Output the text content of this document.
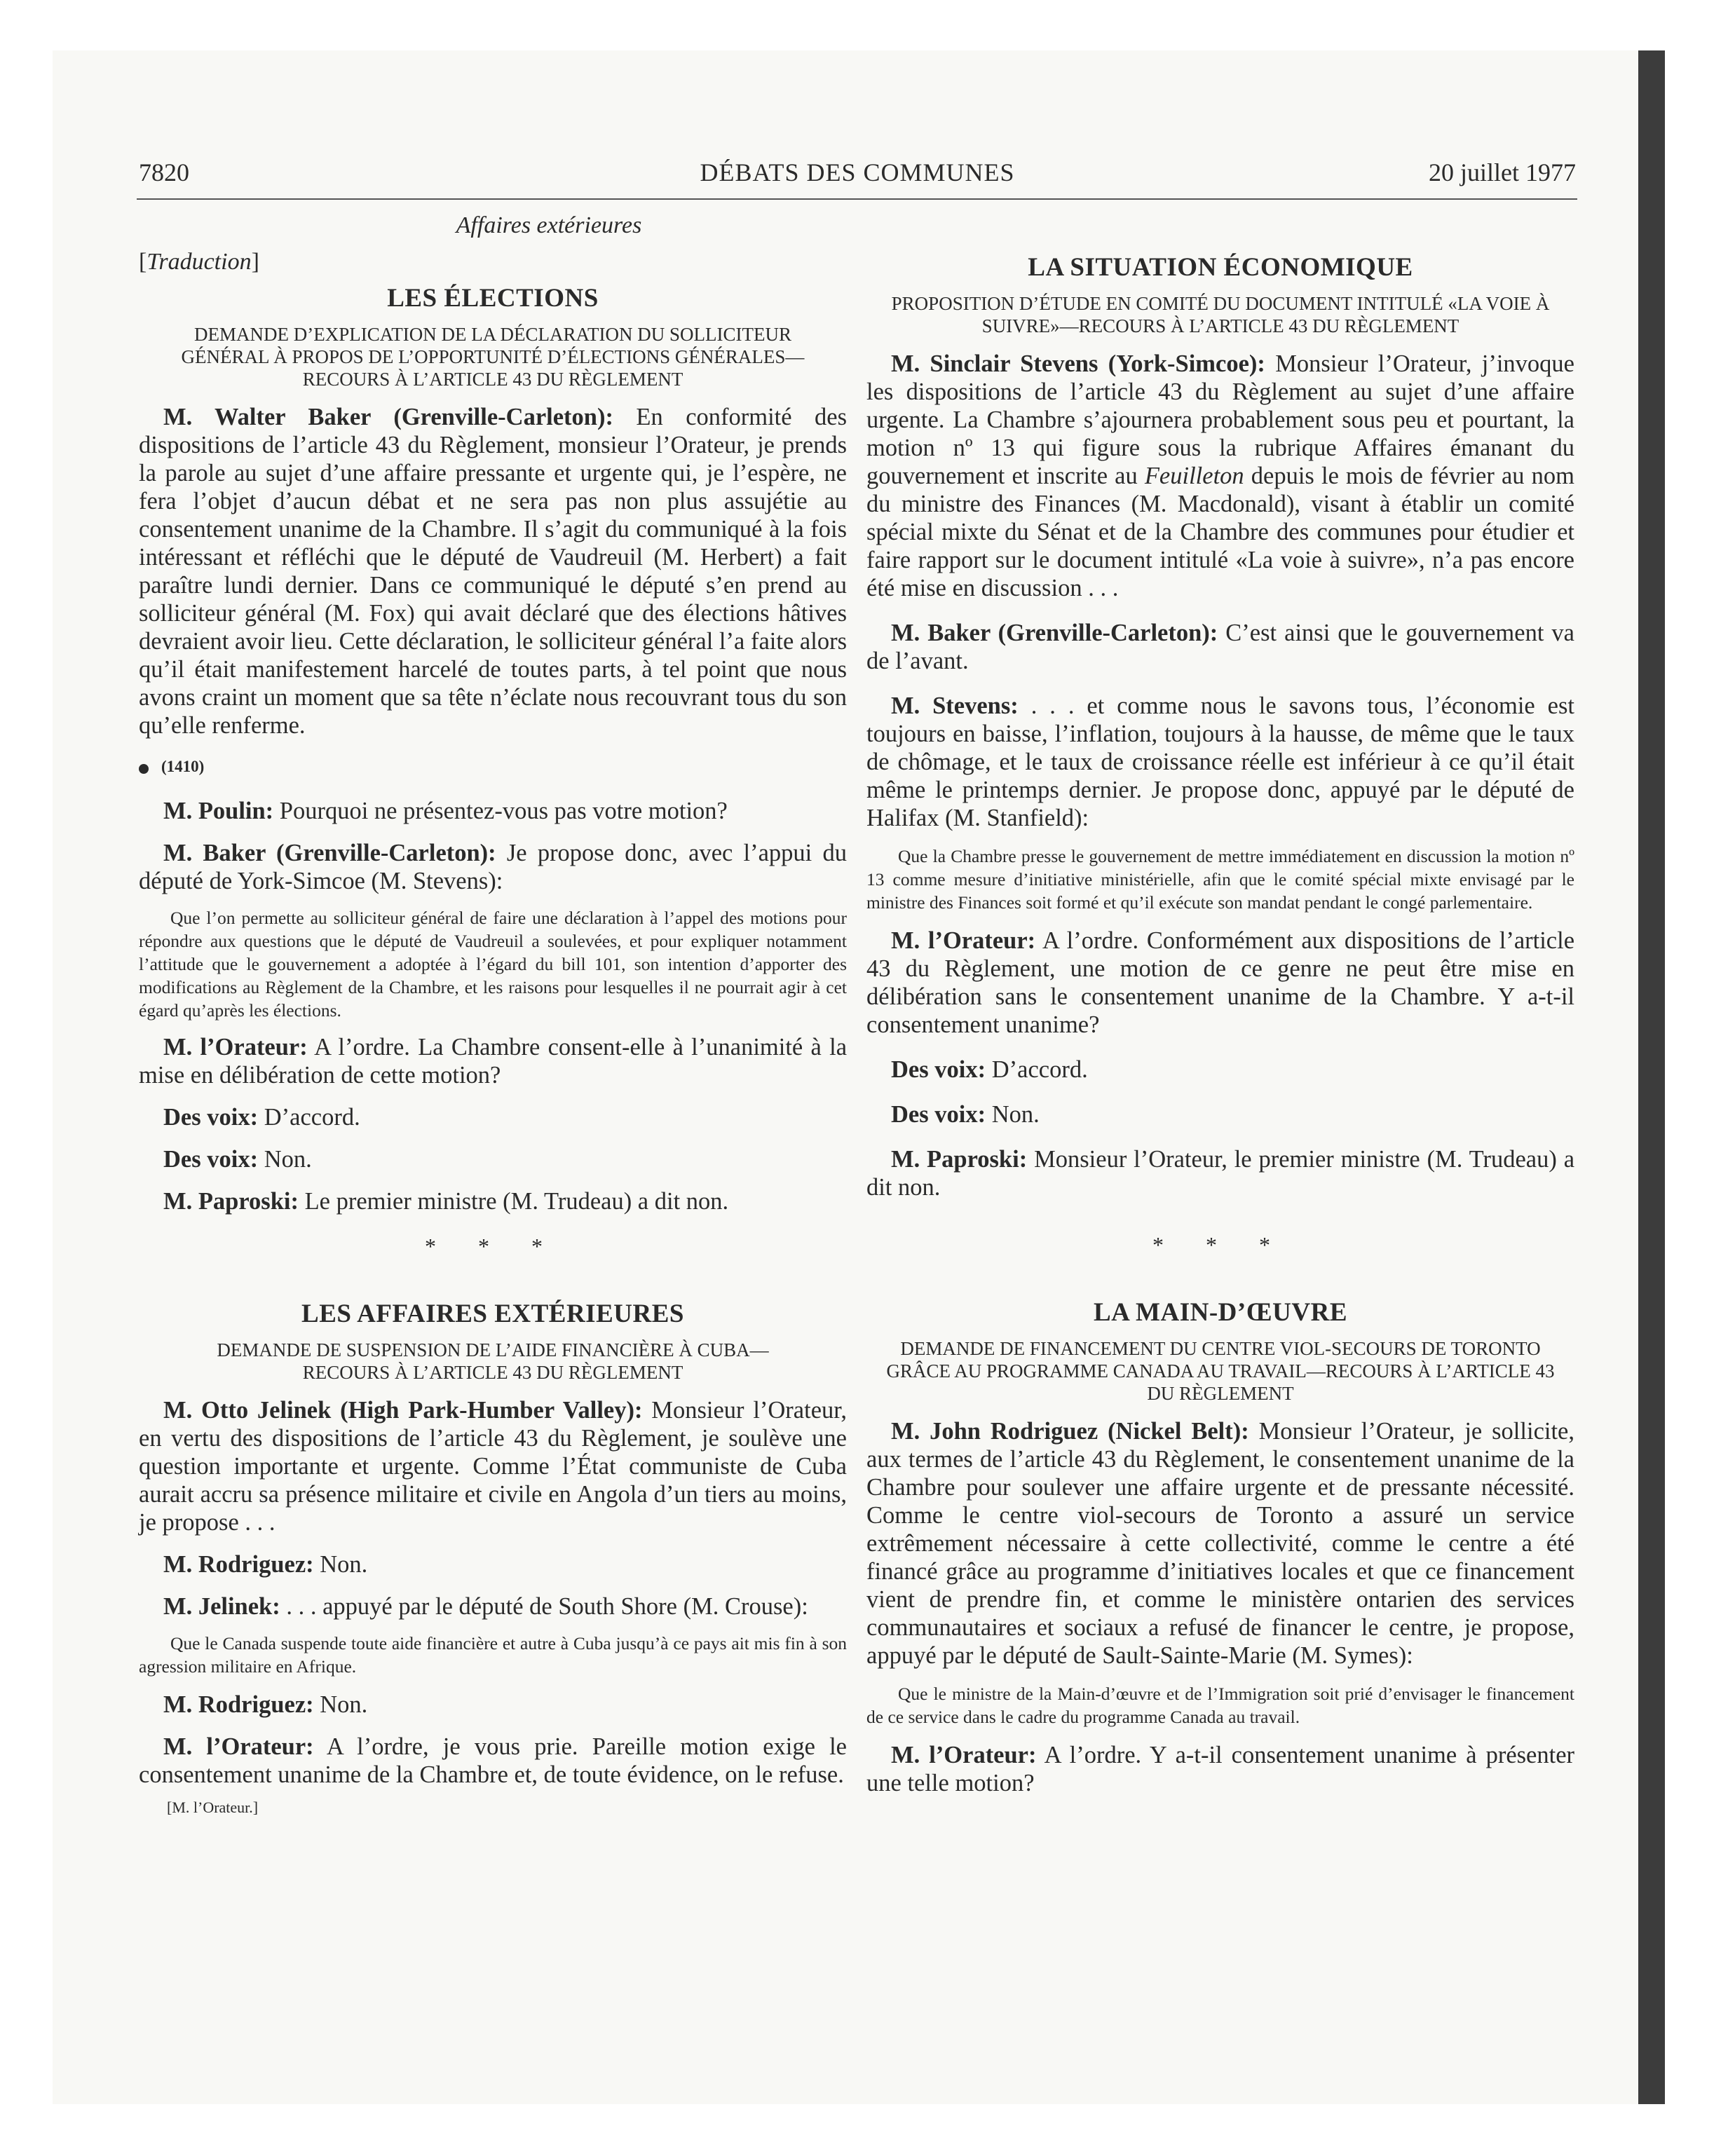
7820	DÉBATS DES COMMUNES	20 juillet 1977

Affaires extérieures

[Traduction]

LES ÉLECTIONS

DEMANDE D’EXPLICATION DE LA DÉCLARATION DU SOLLICITEUR GÉNÉRAL À PROPOS DE L’OPPORTUNITÉ D’ÉLECTIONS GÉNÉRALES—RECOURS À L’ARTICLE 43 DU RÈGLEMENT

M. Walter Baker (Grenville-Carleton): En conformité des dispositions de l’article 43 du Règlement, monsieur l’Orateur, je prends la parole au sujet d’une affaire pressante et urgente qui, je l’espère, ne fera l’objet d’aucun débat et ne sera pas non plus assujétie au consentement unanime de la Chambre. Il s’agit du communiqué à la fois intéressant et réfléchi que le député de Vaudreuil (M. Herbert) a fait paraître lundi dernier. Dans ce communiqué le député s’en prend au solliciteur général (M. Fox) qui avait déclaré que des élections hâtives devraient avoir lieu. Cette déclaration, le solliciteur général l’a faite alors qu’il était manifestement harcelé de toutes parts, à tel point que nous avons craint un moment que sa tête n’éclate nous recouvrant tous du son qu’elle renferme.

(1410)

M. Poulin: Pourquoi ne présentez-vous pas votre motion?

M. Baker (Grenville-Carleton): Je propose donc, avec l’appui du député de York-Simcoe (M. Stevens):

Que l’on permette au solliciteur général de faire une déclaration à l’appel des motions pour répondre aux questions que le député de Vaudreuil a soulevées, et pour expliquer notamment l’attitude que le gouvernement a adoptée à l’égard du bill 101, son intention d’apporter des modifications au Règlement de la Chambre, et les raisons pour lesquelles il ne pourrait agir à cet égard qu’après les élections.

M. l’Orateur: A l’ordre. La Chambre consent-elle à l’unanimité à la mise en délibération de cette motion?

Des voix: D’accord.

Des voix: Non.

M. Paproski: Le premier ministre (M. Trudeau) a dit non.

* * *

LES AFFAIRES EXTÉRIEURES

DEMANDE DE SUSPENSION DE L’AIDE FINANCIÈRE À CUBA—RECOURS À L’ARTICLE 43 DU RÈGLEMENT

M. Otto Jelinek (High Park-Humber Valley): Monsieur l’Orateur, en vertu des dispositions de l’article 43 du Règlement, je soulève une question importante et urgente. Comme l’État communiste de Cuba aurait accru sa présence militaire et civile en Angola d’un tiers au moins, je propose . . .

M. Rodriguez: Non.

M. Jelinek: . . . appuyé par le député de South Shore (M. Crouse):

Que le Canada suspende toute aide financière et autre à Cuba jusqu’à ce pays ait mis fin à son agression militaire en Afrique.

M. Rodriguez: Non.

M. l’Orateur: A l’ordre, je vous prie. Pareille motion exige le consentement unanime de la Chambre et, de toute évidence, on le refuse.

[M. l’Orateur.]

LA SITUATION ÉCONOMIQUE

PROPOSITION D’ÉTUDE EN COMITÉ DU DOCUMENT INTITULÉ «LA VOIE À SUIVRE»—RECOURS À L’ARTICLE 43 DU RÈGLEMENT

M. Sinclair Stevens (York-Simcoe): Monsieur l’Orateur, j’invoque les dispositions de l’article 43 du Règlement au sujet d’une affaire urgente. La Chambre s’ajournera probablement sous peu et pourtant, la motion nº 13 qui figure sous la rubrique Affaires émanant du gouvernement et inscrite au Feuilleton depuis le mois de février au nom du ministre des Finances (M. Macdonald), visant à établir un comité spécial mixte du Sénat et de la Chambre des communes pour étudier et faire rapport sur le document intitulé «La voie à suivre», n’a pas encore été mise en discussion . . .

M. Baker (Grenville-Carleton): C’est ainsi que le gouvernement va de l’avant.

M. Stevens: . . . et comme nous le savons tous, l’économie est toujours en baisse, l’inflation, toujours à la hausse, de même que le taux de chômage, et le taux de croissance réelle est inférieur à ce qu’il était même le printemps dernier. Je propose donc, appuyé par le député de Halifax (M. Stanfield):

Que la Chambre presse le gouvernement de mettre immédiatement en discussion la motion nº 13 comme mesure d’initiative ministérielle, afin que le comité spécial mixte envisagé par le ministre des Finances soit formé et qu’il exécute son mandat pendant le congé parlementaire.

M. l’Orateur: A l’ordre. Conformément aux dispositions de l’article 43 du Règlement, une motion de ce genre ne peut être mise en délibération sans le consentement unanime de la Chambre. Y a-t-il consentement unanime?

Des voix: D’accord.

Des voix: Non.

M. Paproski: Monsieur l’Orateur, le premier ministre (M. Trudeau) a dit non.

* * *

LA MAIN-D’ŒUVRE

DEMANDE DE FINANCEMENT DU CENTRE VIOL-SECOURS DE TORONTO GRÂCE AU PROGRAMME CANADA AU TRAVAIL—RECOURS À L’ARTICLE 43 DU RÈGLEMENT

M. John Rodriguez (Nickel Belt): Monsieur l’Orateur, je sollicite, aux termes de l’article 43 du Règlement, le consentement unanime de la Chambre pour soulever une affaire urgente et de pressante nécessité. Comme le centre viol-secours de Toronto a assuré un service extrêmement nécessaire à cette collectivité, comme le centre a été financé grâce au programme d’initiatives locales et que ce financement vient de prendre fin, et comme le ministère ontarien des services communautaires et sociaux a refusé de financer le centre, je propose, appuyé par le député de Sault-Sainte-Marie (M. Symes):

Que le ministre de la Main-d’œuvre et de l’Immigration soit prié d’envisager le financement de ce service dans le cadre du programme Canada au travail.

M. l’Orateur: A l’ordre. Y a-t-il consentement unanime à présenter une telle motion?
